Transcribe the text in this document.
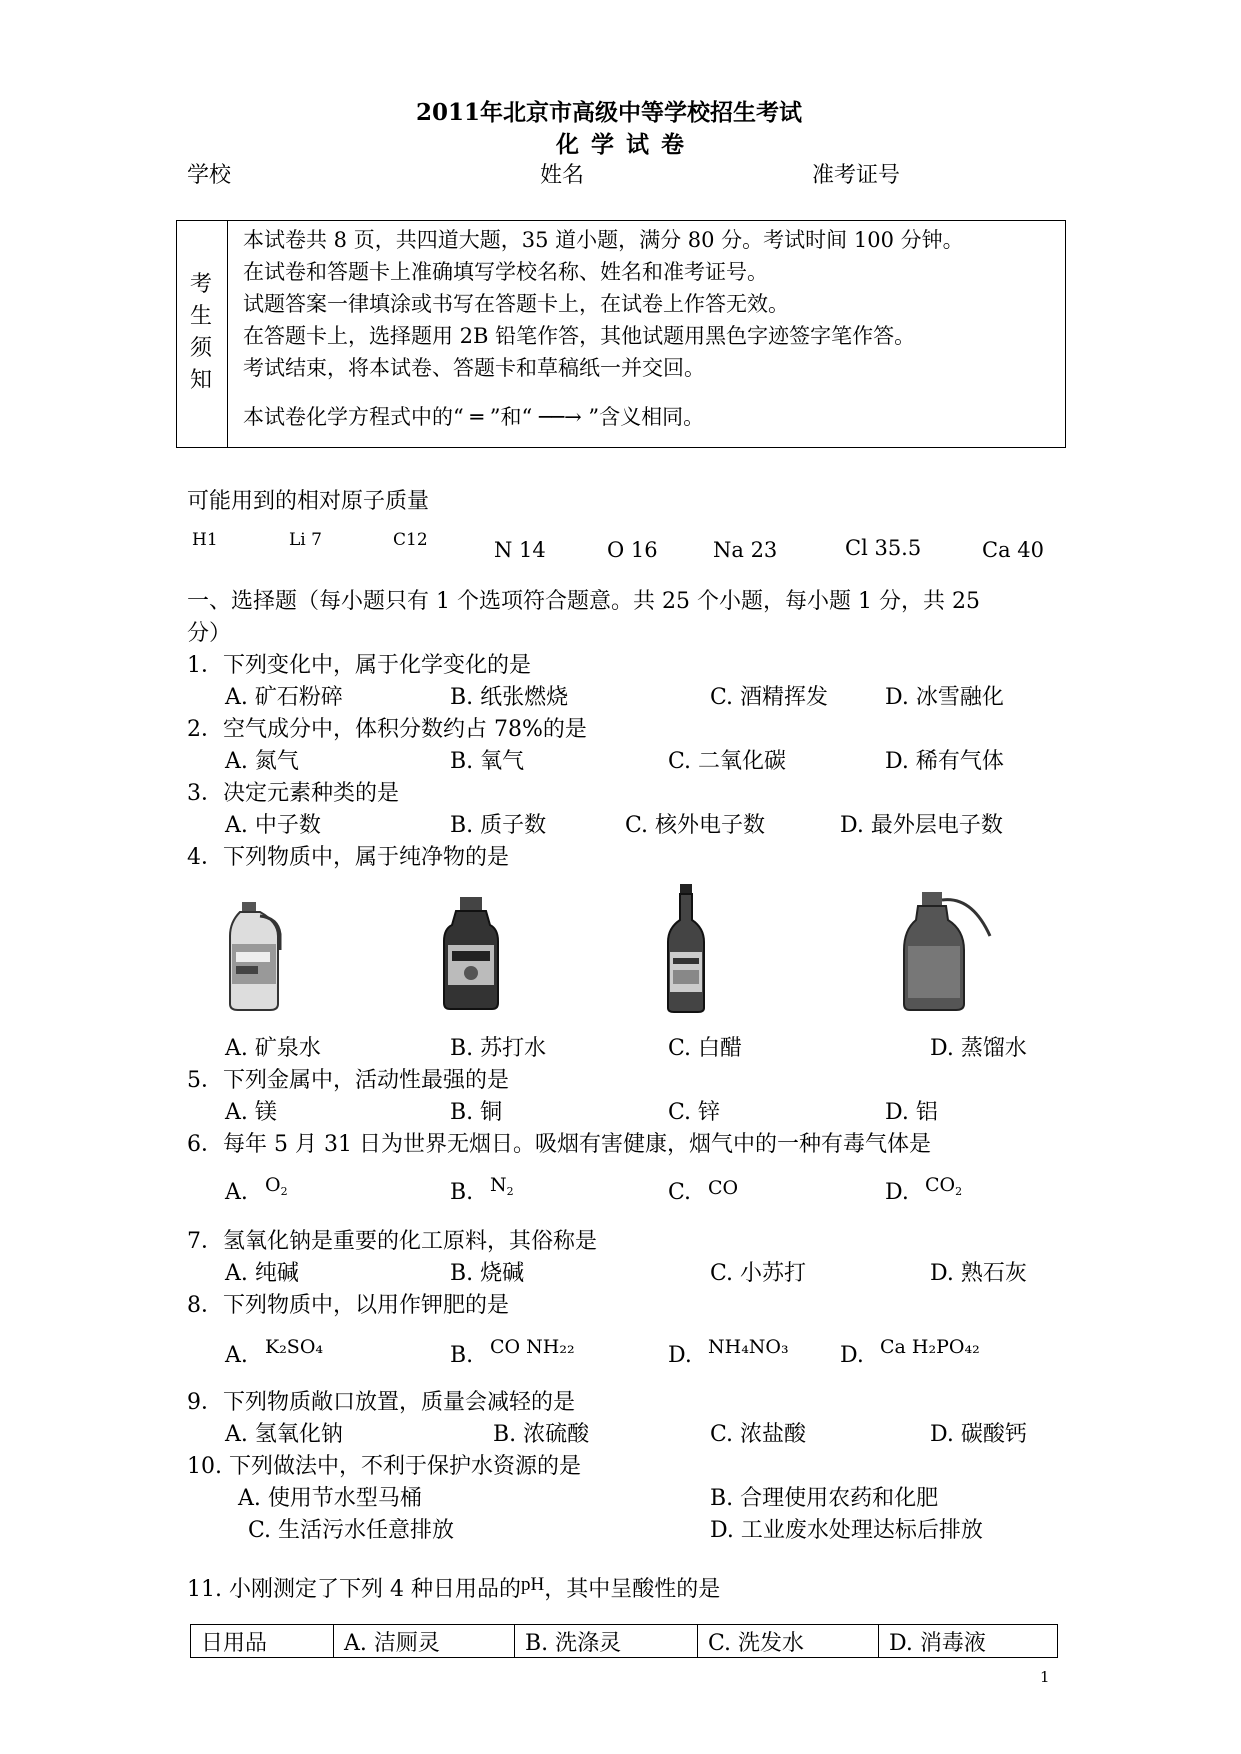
2011年北京市高级中等学校招生考试
化 学 试 卷
学校	姓名	准考证号
考
生
须
知
本试卷共 8 页，共四道大题，35 道小题，满分 80 分。考试时间 100 分钟。
在试卷和答题卡上准确填写学校名称、姓名和准考证号。
试题答案一律填涂或书写在答题卡上，在试卷上作答无效。
在答题卡上，选择题用 2B 铅笔作答，其他试题用黑色字迹签字笔作答。
考试结束，将本试卷、答题卡和草稿纸一并交回。
本试卷化学方程式中的“ ═ ”和“ ──→ ”含义相同。
可能用到的相对原子质量
H1	Li 7	C12	N 14	O 16	Na 23	Cl 35.5	Ca 40
一、选择题（每小题只有 1 个选项符合题意。共 25 个小题，每小题 1 分，共 25
分）
1．下列变化中，属于化学变化的是
A. 矿石粉碎	B. 纸张燃烧	C. 酒精挥发	D. 冰雪融化
2．空气成分中，体积分数约占 78%的是
A. 氮气	B. 氧气	C. 二氧化碳	D. 稀有气体
3．决定元素种类的是
A. 中子数	B. 质子数	C. 核外电子数	D. 最外层电子数
4．下列物质中，属于纯净物的是
A. 矿泉水	B. 苏打水	C. 白醋	D. 蒸馏水
5．下列金属中，活动性最强的是
A. 镁	B. 铜	C. 锌	D. 铝
6．每年 5 月 31 日为世界无烟日。吸烟有害健康，烟气中的一种有毒气体是
A. $O_2$	B. $N_2$	C. CO	D. $CO_2$
7．氢氧化钠是重要的化工原料，其俗称是
A. 纯碱	B. 烧碱	C. 小苏打	D. 熟石灰
8．下列物质中，以用作钾肥的是
A. K₂SO₄	B. CO NH₂₂	D. NH₄NO₃ D. Ca H₂PO₄₂
9．下列物质敞口放置，质量会减轻的是
A. 氢氧化钠	B. 浓硫酸	C. 浓盐酸	D. 碳酸钙
10. 下列做法中，不利于保护水资源的是
A. 使用节水型马桶	B. 合理使用农药和化肥
C. 生活污水任意排放	D. 工业废水处理达标后排放
11. 小刚测定了下列 4 种日用品的pH，其中呈酸性的是
日用品	A. 洁厕灵	B. 洗涤灵	C. 洗发水	D. 消毒液
1
